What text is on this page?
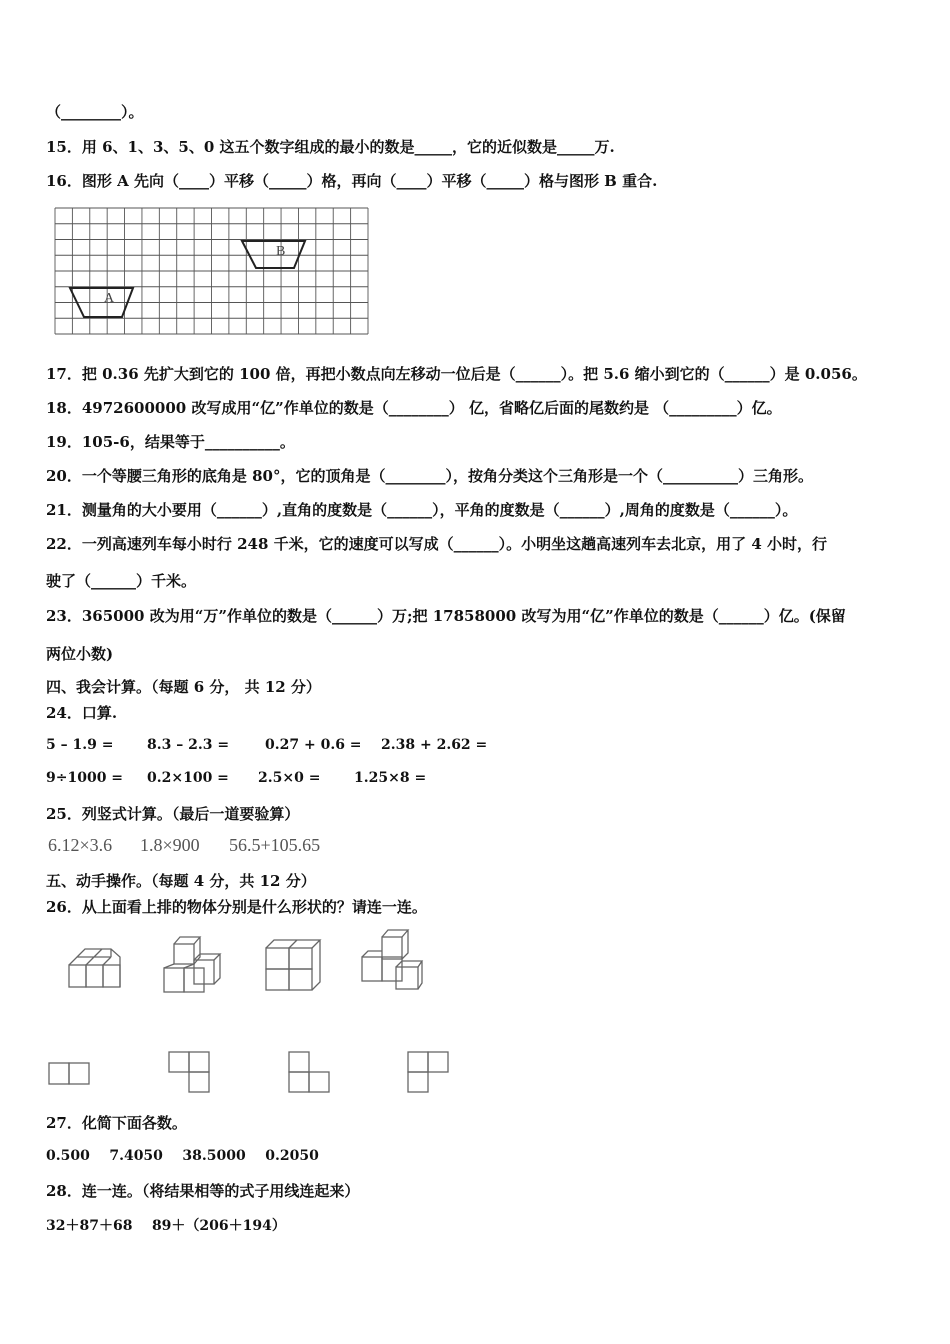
（________）。
15．用 6、1、3、5、0 这五个数字组成的最小的数是_____，它的近似数是_____万.
16．图形 A 先向（____）平移（_____）格，再向（____）平移（_____）格与图形 B 重合.
A
B
17．把 0.36 先扩大到它的 100 倍，再把小数点向左移动一位后是（______）。把 5.6 缩小到它的（______）是 0.056。
18．4972600000 改写成用“亿”作单位的数是（________） 亿，省略亿后面的尾数约是 （_________）亿。
19．105-6，结果等于__________。
20．一个等腰三角形的底角是 80°，它的顶角是（________），按角分类这个三角形是一个（__________）三角形。
21．测量角的大小要用（______）,直角的度数是（______），平角的度数是（______）,周角的度数是（______）。
22．一列高速列车每小时行 248 千米，它的速度可以写成（______）。小明坐这趟高速列车去北京，用了 4 小时，行
驶了（______）千米。
23．365000 改为用“万”作单位的数是（______）万;把 17858000 改写为用“亿”作单位的数是（______）亿。(保留
两位小数)
四、我会计算。（每题 6 分， 共 12 分）
24．口算.
5 – 1.9 = 8.3 – 2.3 =	0.27 + 0.6 = 2.38 + 2.62 =
9÷1000 = 0.2×100 = 2.5×0 = 1.25×8 =
25．列竖式计算。（最后一道要验算）
6.12×3.6 1.8×900 56.5+105.65
五、动手操作。（每题 4 分，共 12 分）
26．从上面看上排的物体分别是什么形状的？请连一连。
27．化简下面各数。
0.500    7.4050    38.5000    0.2050
28．连一连。（将结果相等的式子用线连起来）
32＋87＋68    89＋（206＋194）
